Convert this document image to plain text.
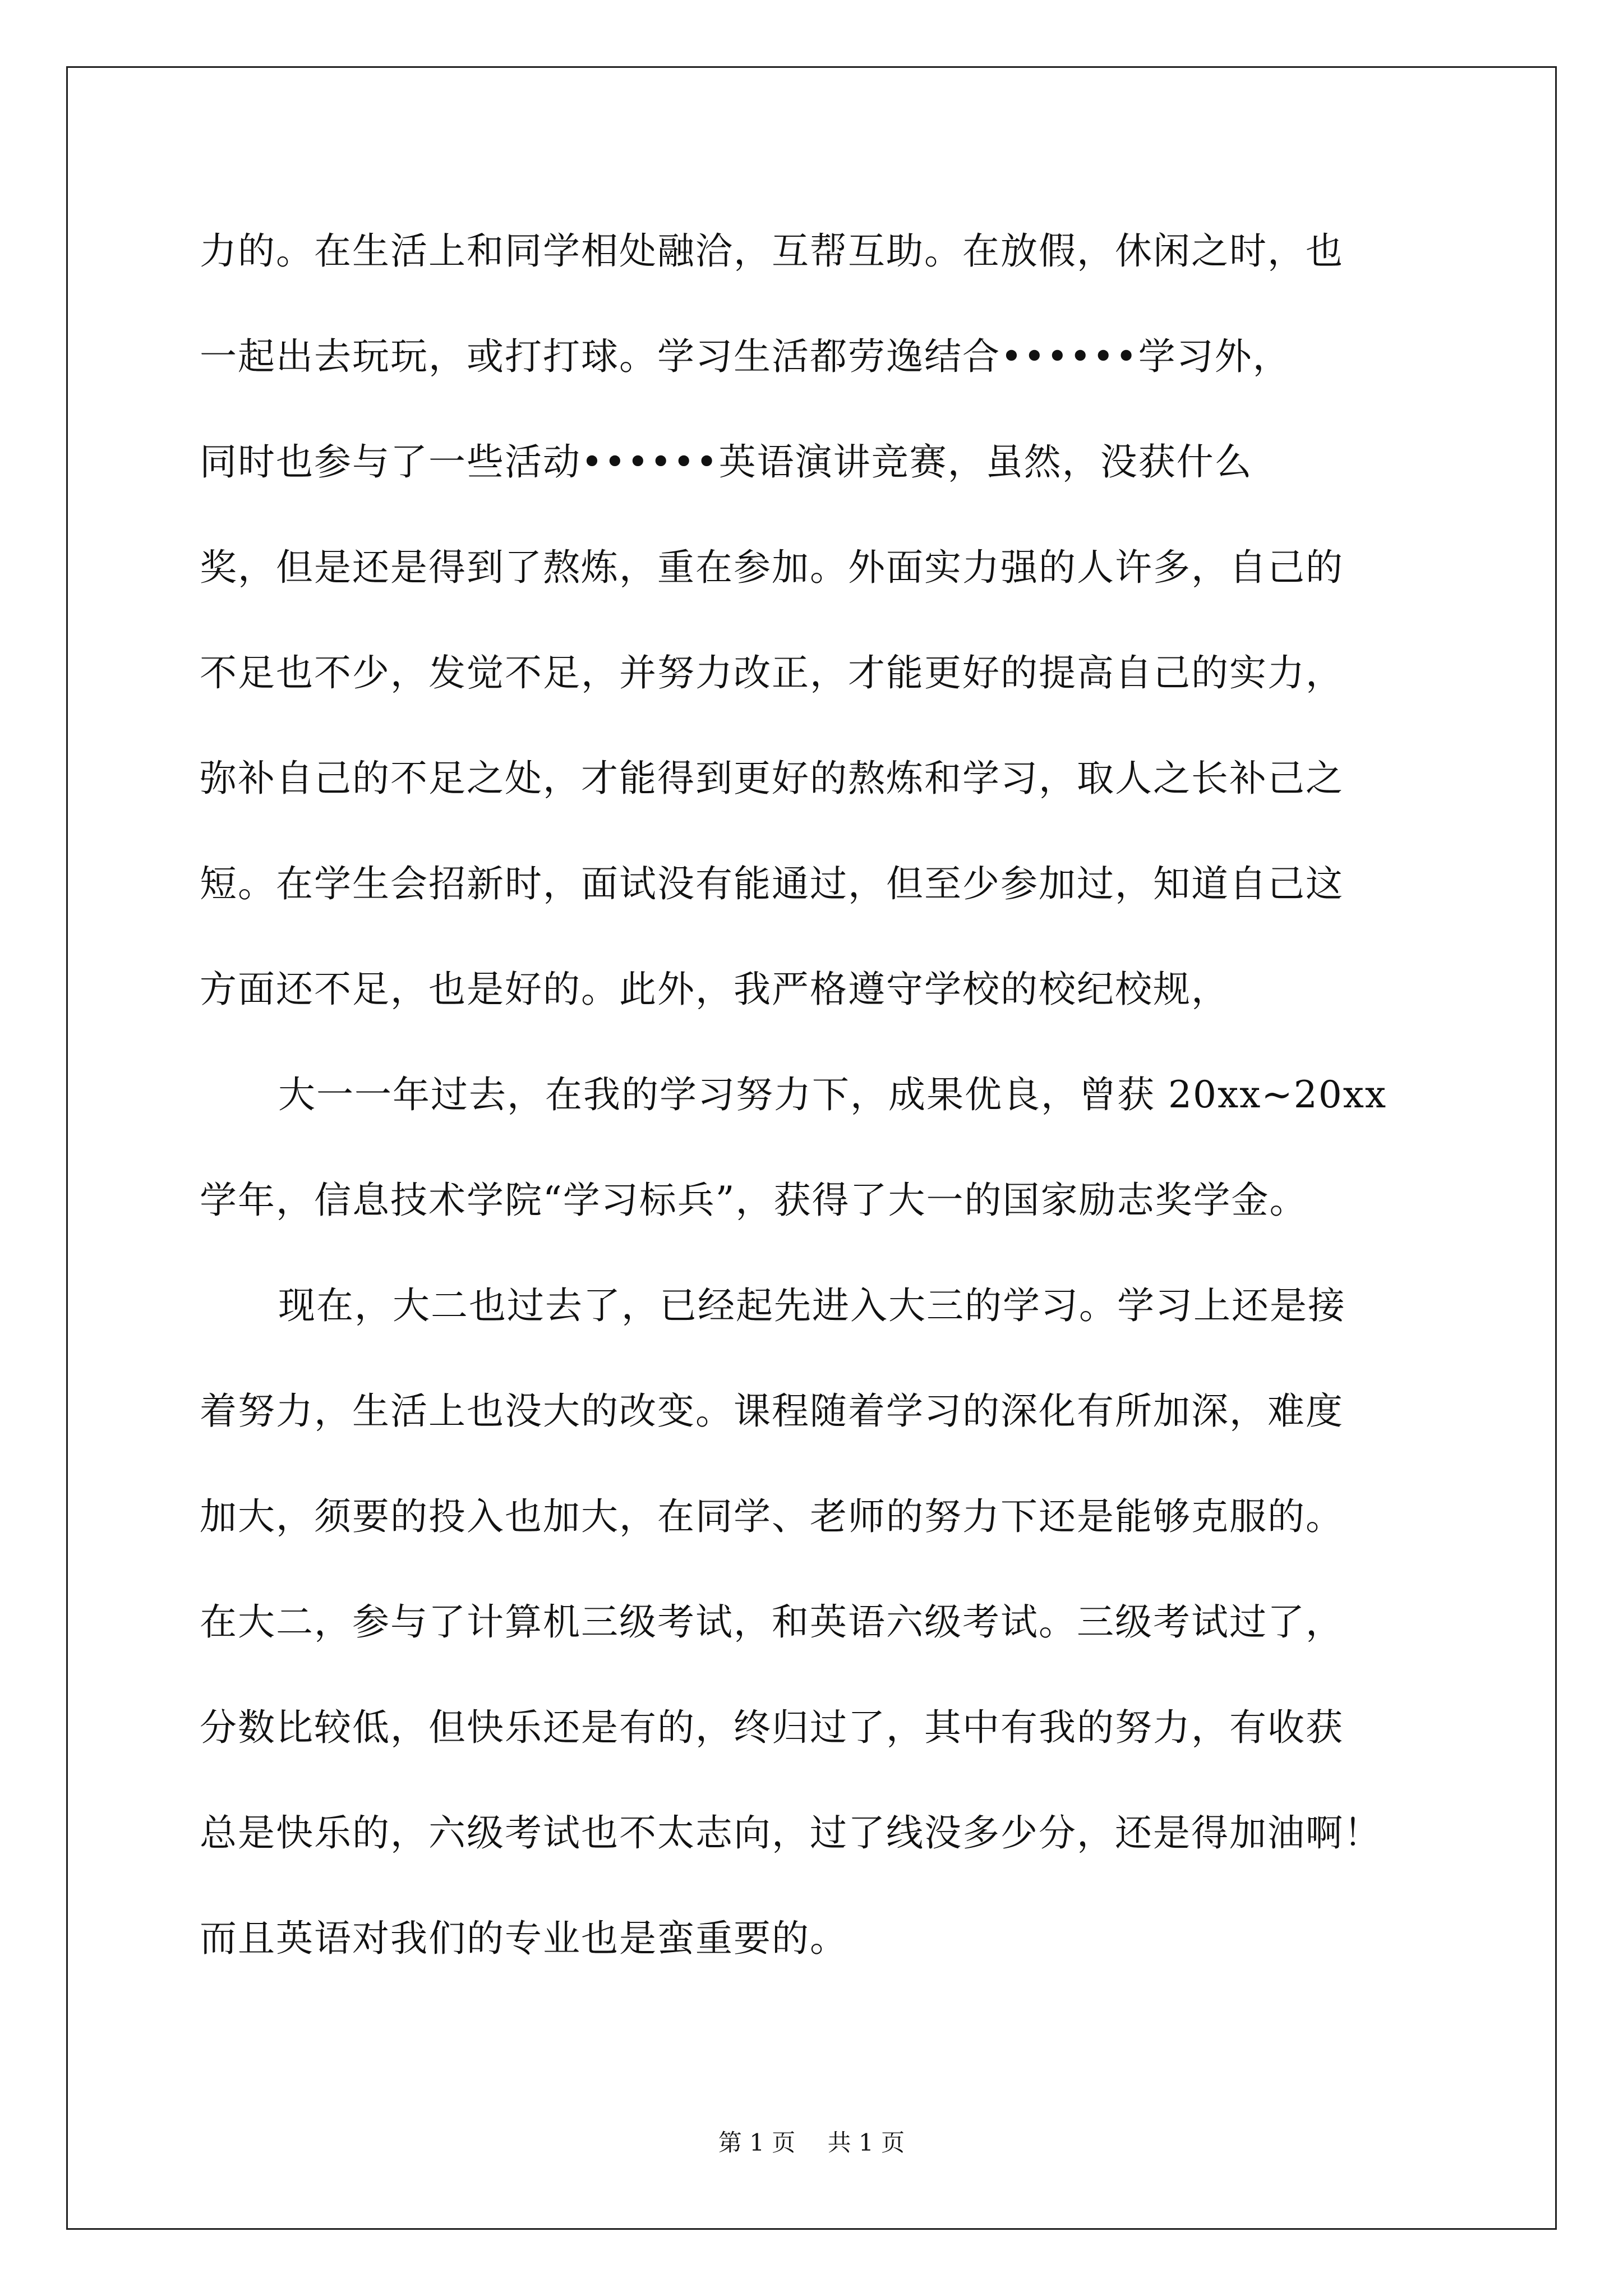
力的。在生活上和同学相处融洽，互帮互助。在放假，休闲之时，也
一起出去玩玩，或打打球。学习生活都劳逸结合••••••学习外，
同时也参与了一些活动••••••英语演讲竞赛，虽然，没获什么
奖，但是还是得到了熬炼，重在参加。外面实力强的人许多，自己的
不足也不少，发觉不足，并努力改正，才能更好的提高自己的实力，
弥补自己的不足之处，才能得到更好的熬炼和学习，取人之长补己之
短。在学生会招新时，面试没有能通过，但至少参加过，知道自己这
方面还不足，也是好的。此外，我严格遵守学校的校纪校规，
大一一年过去，在我的学习努力下，成果优良，曾获 20xx~20xx
学年，信息技术学院“学习标兵”，获得了大一的国家励志奖学金。
现在，大二也过去了，已经起先进入大三的学习。学习上还是接
着努力，生活上也没大的改变。课程随着学习的深化有所加深，难度
加大，须要的投入也加大，在同学、老师的努力下还是能够克服的。
在大二，参与了计算机三级考试，和英语六级考试。三级考试过了，
分数比较低，但快乐还是有的，终归过了，其中有我的努力，有收获
总是快乐的，六级考试也不太志向，过了线没多少分，还是得加油啊！
而且英语对我们的专业也是蛮重要的。
第 1 页 共 1 页
